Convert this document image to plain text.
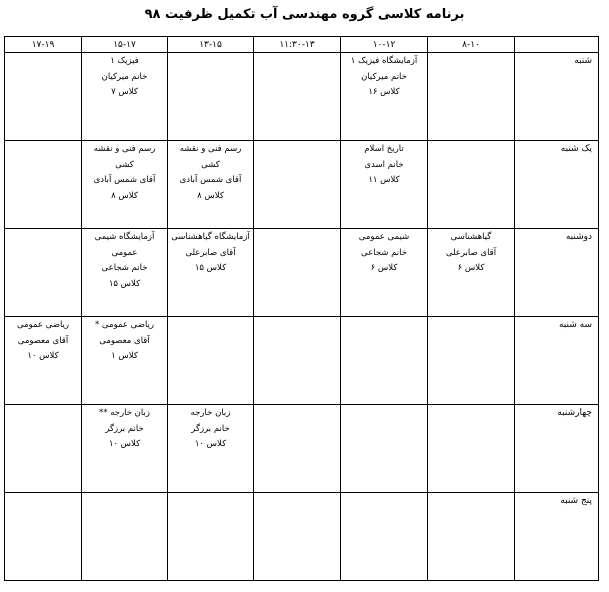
برنامه کلاسی گروه مهندسی آب تکمیل ظرفیت ۹۸
	۸-۱۰	۱۰-۱۲	۱۱:۳۰-۱۳	۱۳-۱۵	۱۵-۱۷	۱۷-۱۹
شنبه		آزمایشگاه فیزیک ۱
خانم میرکیان
کلاس ۱۶			فیزیک ۱
خانم میرکیان
کلاس ۷	

یک شنبه		تاریخ اسلام
خانم اسدی
کلاس ۱۱		رسم فنی و نقشه
کشی
آقای شمس آبادی
کلاس ۸	رسم فنی و نقشه
کشی
آقای شمس آبادی
کلاس ۸	

دوشنبه	گیاهشناسی
آقای صابرعلی
کلاس ۶	شیمی عمومی
خانم شجاعی
کلاس ۶		آزمایشگاه گیاهشناسی
آقای صابرعلی
کلاس ۱۵	آزمایشگاه شیمی
عمومی
خانم شجاعی
کلاس ۱۵	

سه شنبه					ریاضی عمومی *
آقای معصومی
کلاس ۱	ریاضی عمومی
آقای معصومی
کلاس ۱۰

چهارشنبه				زبان خارجه
خانم برزگر
کلاس ۱۰	زبان خارجه **
خانم برزگر
کلاس ۱۰	

پنج شنبه						
